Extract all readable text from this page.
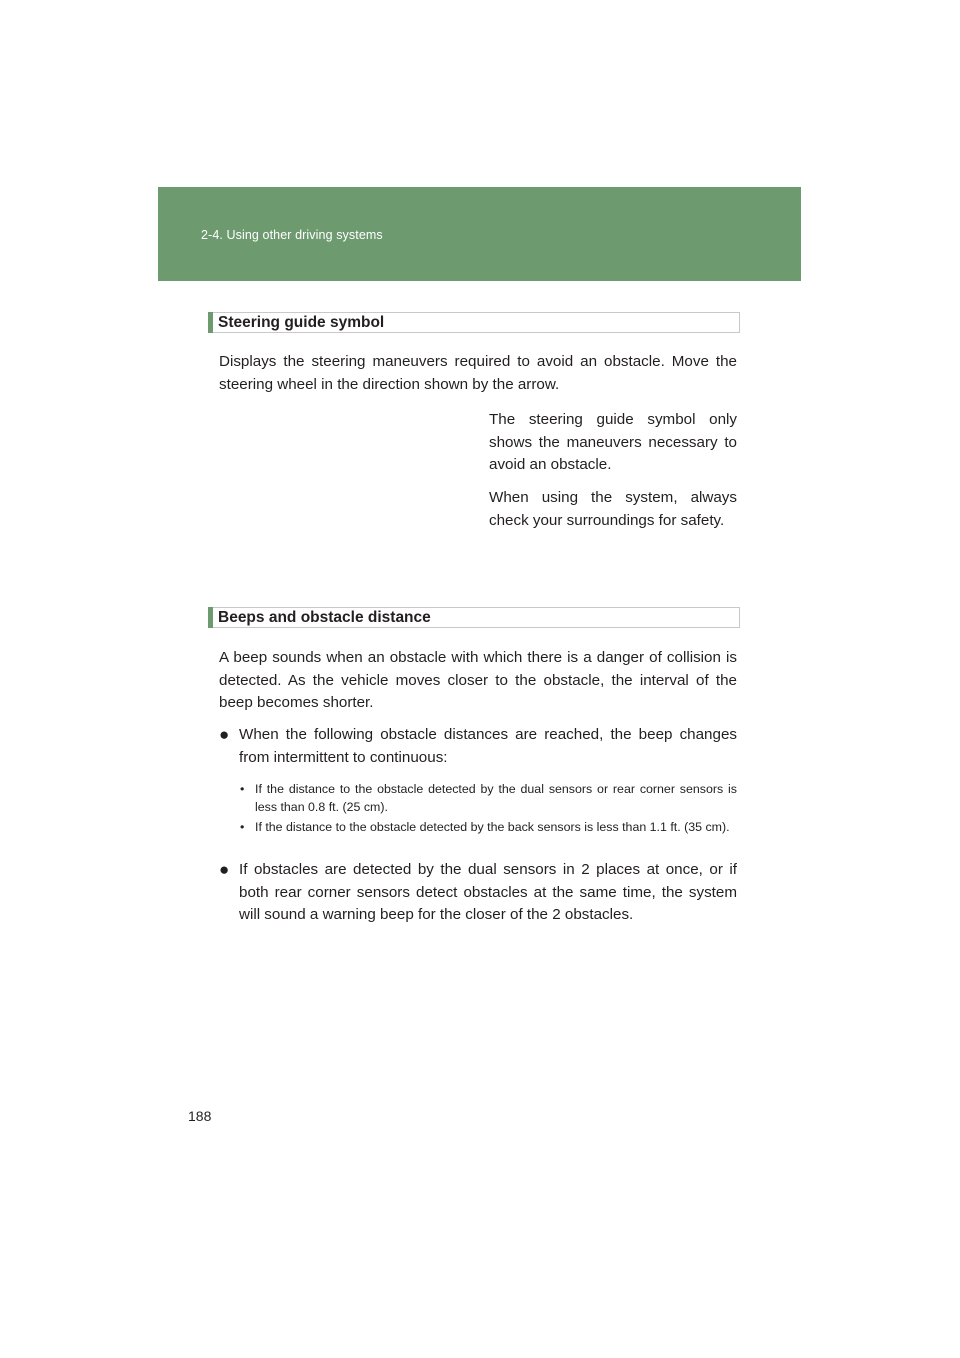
2-4. Using other driving systems
Steering guide symbol
Displays the steering maneuvers required to avoid an obstacle. Move the steering wheel in the direction shown by the arrow.
The steering guide symbol only shows the maneuvers necessary to avoid an obstacle.
When using the system, always check your surroundings for safety.
Beeps and obstacle distance
A beep sounds when an obstacle with which there is a danger of collision is detected. As the vehicle moves closer to the obstacle, the interval of the beep becomes shorter.
● When the following obstacle distances are reached, the beep changes from intermittent to continuous:
• If the distance to the obstacle detected by the dual sensors or rear corner sensors is less than 0.8 ft. (25 cm).
• If the distance to the obstacle detected by the back sensors is less than 1.1 ft. (35 cm).
● If obstacles are detected by the dual sensors in 2 places at once, or if both rear corner sensors detect obstacles at the same time, the system will sound a warning beep for the closer of the 2 obstacles.
188
